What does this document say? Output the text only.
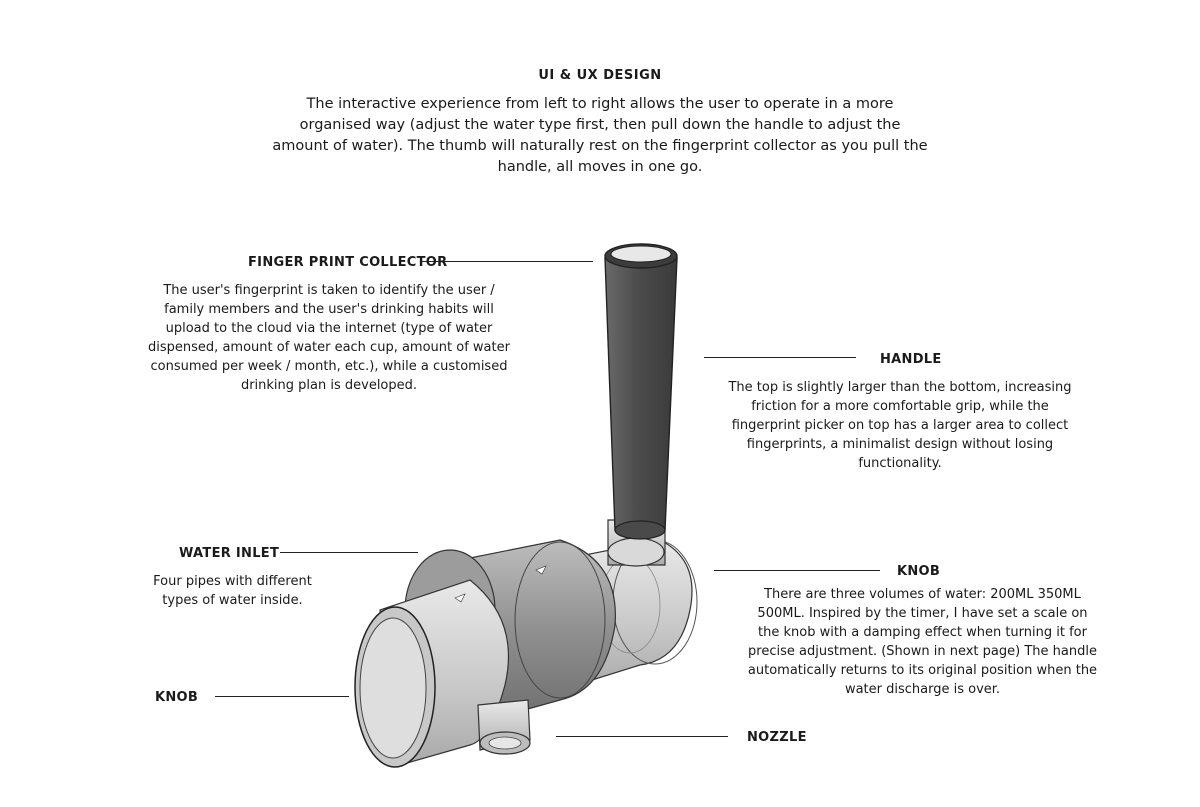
UI & UX DESIGN
The interactive experience from left to right allows the user to operate in a more organised way (adjust the water type first, then pull down the handle to adjust the amount of water). The thumb will naturally rest on the fingerprint collector as you pull the handle, all moves in one go.
FINGER PRINT COLLECTOR
The user's fingerprint is taken to identify the user / family members and the user's drinking habits will upload to the cloud via the internet (type of water dispensed, amount of water each cup, amount of water consumed per week / month, etc.), while a customised drinking plan is developed.
HANDLE
The top is slightly larger than the bottom, increasing friction for a more comfortable grip, while the fingerprint picker on top has a larger area to collect fingerprints, a minimalist design without losing functionality.
WATER INLET
Four pipes with different types of water inside.
KNOB
There are three volumes of water: 200ML 350ML 500ML. Inspired by the timer, I have set a scale on the knob with a damping effect when turning it for precise adjustment. (Shown in next page) The handle automatically returns to its original position when the water discharge is over.
KNOB
NOZZLE
